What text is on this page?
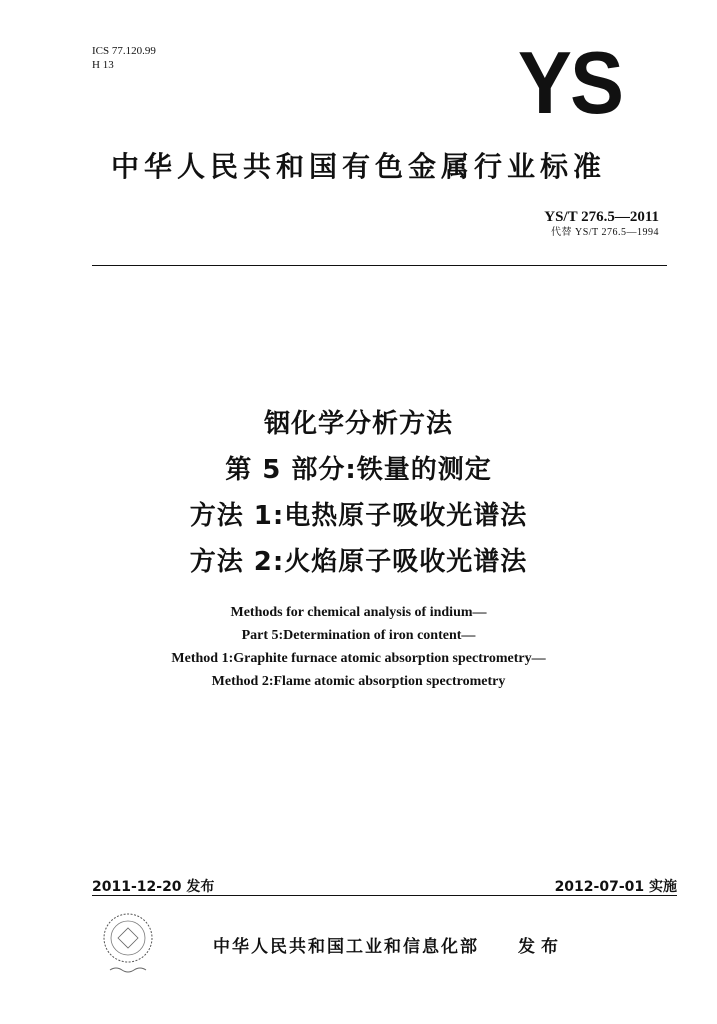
ICS 77.120.99
H 13	YS
中华人民共和国有色金属行业标准
YS/T 276.5—2011
代替 YS/T 276.5—1994
铟化学分析方法
第 5 部分:铁量的测定
方法 1:电热原子吸收光谱法
方法 2:火焰原子吸收光谱法
Methods for chemical analysis of indium—
Part 5:Determination of iron content—
Method 1:Graphite furnace atomic absorption spectrometry—
Method 2:Flame atomic absorption spectrometry
2011-12-20 发布	2012-07-01 实施
中华人民共和国工业和信息化部 发布
